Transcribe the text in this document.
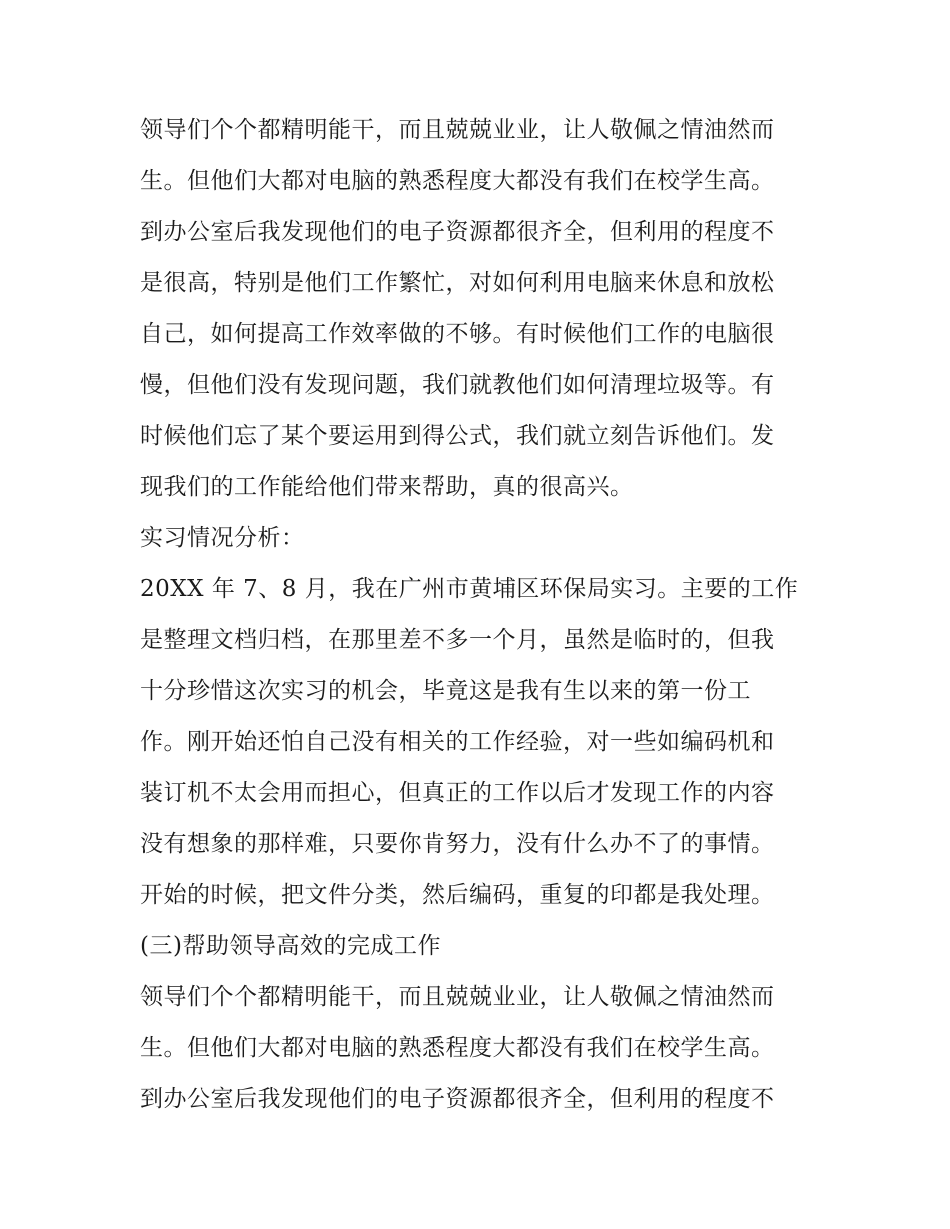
领导们个个都精明能干，而且兢兢业业，让人敬佩之情油然而
生。但他们大都对电脑的熟悉程度大都没有我们在校学生高。
到办公室后我发现他们的电子资源都很齐全，但利用的程度不
是很高，特别是他们工作繁忙，对如何利用电脑来休息和放松
自己，如何提高工作效率做的不够。有时候他们工作的电脑很
慢，但他们没有发现问题，我们就教他们如何清理垃圾等。有
时候他们忘了某个要运用到得公式，我们就立刻告诉他们。发
现我们的工作能给他们带来帮助，真的很高兴。
实习情况分析：
20XX 年 7、8 月，我在广州市黄埔区环保局实习。主要的工作
是整理文档归档，在那里差不多一个月，虽然是临时的，但我
十分珍惜这次实习的机会，毕竟这是我有生以来的第一份工
作。刚开始还怕自己没有相关的工作经验，对一些如编码机和
装订机不太会用而担心，但真正的工作以后才发现工作的内容
没有想象的那样难，只要你肯努力，没有什么办不了的事情。
开始的时候，把文件分类，然后编码，重复的印都是我处理。
(三)帮助领导高效的完成工作
领导们个个都精明能干，而且兢兢业业，让人敬佩之情油然而
生。但他们大都对电脑的熟悉程度大都没有我们在校学生高。
到办公室后我发现他们的电子资源都很齐全，但利用的程度不
